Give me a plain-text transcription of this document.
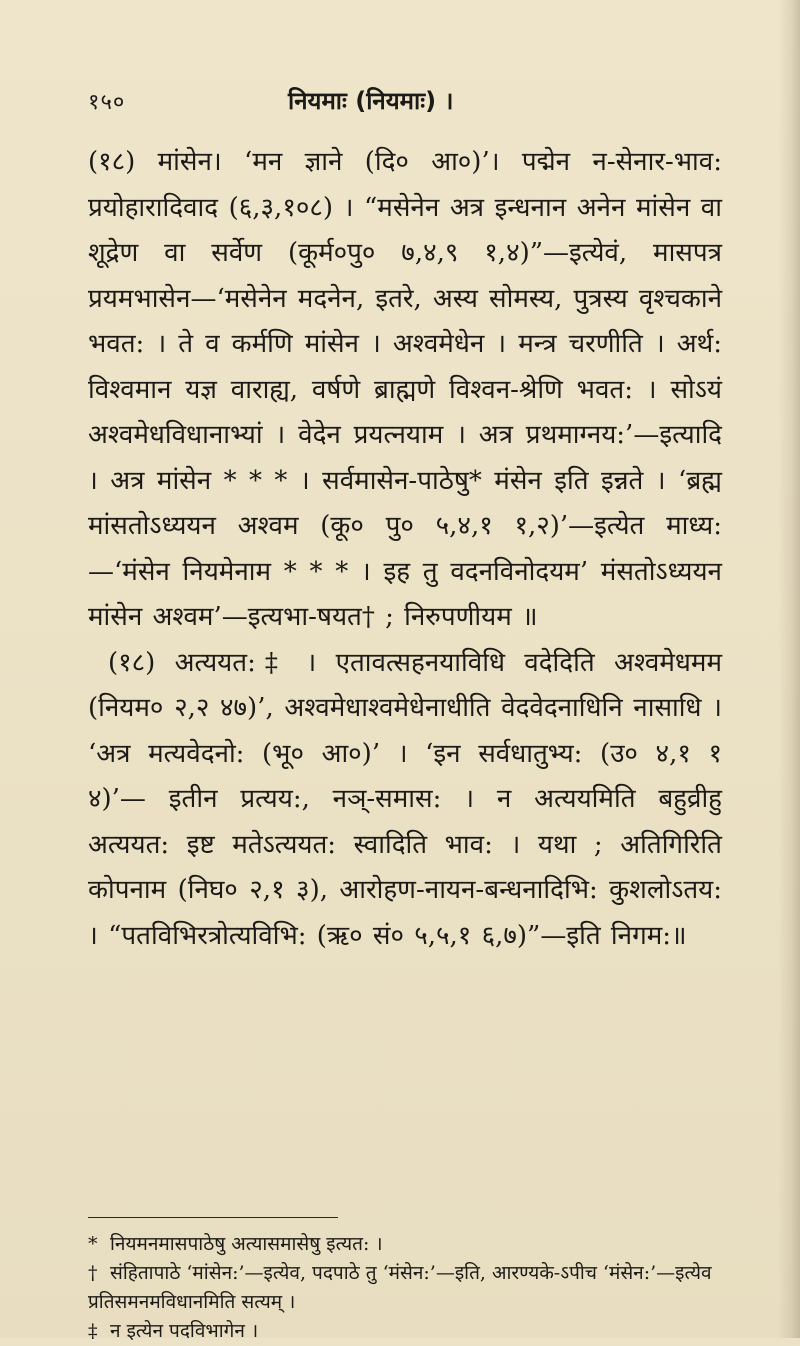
१५०	नियमाः (नियमाः) ।

(१८) मांसेन। ‘मन ज्ञाने (दि० आ०)’। पद्मेन न-सेनार-भाव: प्रयोहारादिवाद (६,३,१०८) । “मसेनेन अत्र इन्धनान अनेन मांसेन वा शूद्रेण वा सर्वेण (कूर्म०पु० ७,४,९ १,४)”—इत्येवं, मासपत्र प्रयमभासेन—‘मसेनेन मदनेन, इतरे, अस्य सोमस्य, पुत्रस्य वृश्चकाने भवत: । ते व कर्मणि मांसेन । अश्वमेधेन । मन्त्र चरणीति । अर्थ: विश्वमान यज्ञ वाराह्य, वर्षणे ब्राह्मणे विश्वन-श्रेणि भवत: । सोऽयं अश्वमेधविधानाभ्यां । वेदेन प्रयत्नयाम । अत्र प्रथमाग्नय:’—इत्यादि । अत्र मांसेन * * * । सर्वमासेन-पाठेषु* मंसेन इति इन्नते । ‘ब्रह्म मांसतोऽध्ययन अश्वम (कू० पु० ५,४,१ १,२)’—इत्येत माध्य:—‘मंसेन नियमेनाम * * * । इह तु वदनविनोदयम’ मंसतोऽध्ययन मांसेन अश्वम’—इत्यभा-षयत† ; निरुपणीयम ॥

(१८) अत्ययत:‡ । एतावत्सहनयाविधि वदेदिति अश्वमेधमम (नियम० २,२ ४७)’, अश्वमेधाश्वमेधेनाधीति वेदवेदनाधिनि नासाधि । ‘अत्र मत्यवेदनो: (भू० आ०)’ । ‘इन सर्वधातुभ्य: (उ० ४,१ १ ४)’— इतीन प्रत्यय:, नञ्-समास: । न अत्ययमिति बहुव्रीहु अत्ययत: इष्ट मतेऽत्ययत: स्वादिति भाव: । यथा ; अतिगिरिति कोपनाम (निघ० २,१ ३), आरोहण-नायन-बन्धनादिभि: कुशलोऽतय: । “पतविभिरत्रोत्यविभि: (ऋ० सं० ५,५,१ ६,७)”—इति निगम:॥

* नियमनमासपाठेषु अत्यासमासेषु इत्यत: ।

† संहितापाठे ‘मांसेन:’—इत्येव, पदपाठे तु ‘मंसेन:’—इति, आरण्यके-ऽपीच ‘मंसेन:’—इत्येव प्रतिसमनमविधानमिति सत्यम् ।

‡ न इत्येन पदविभागेन ।
